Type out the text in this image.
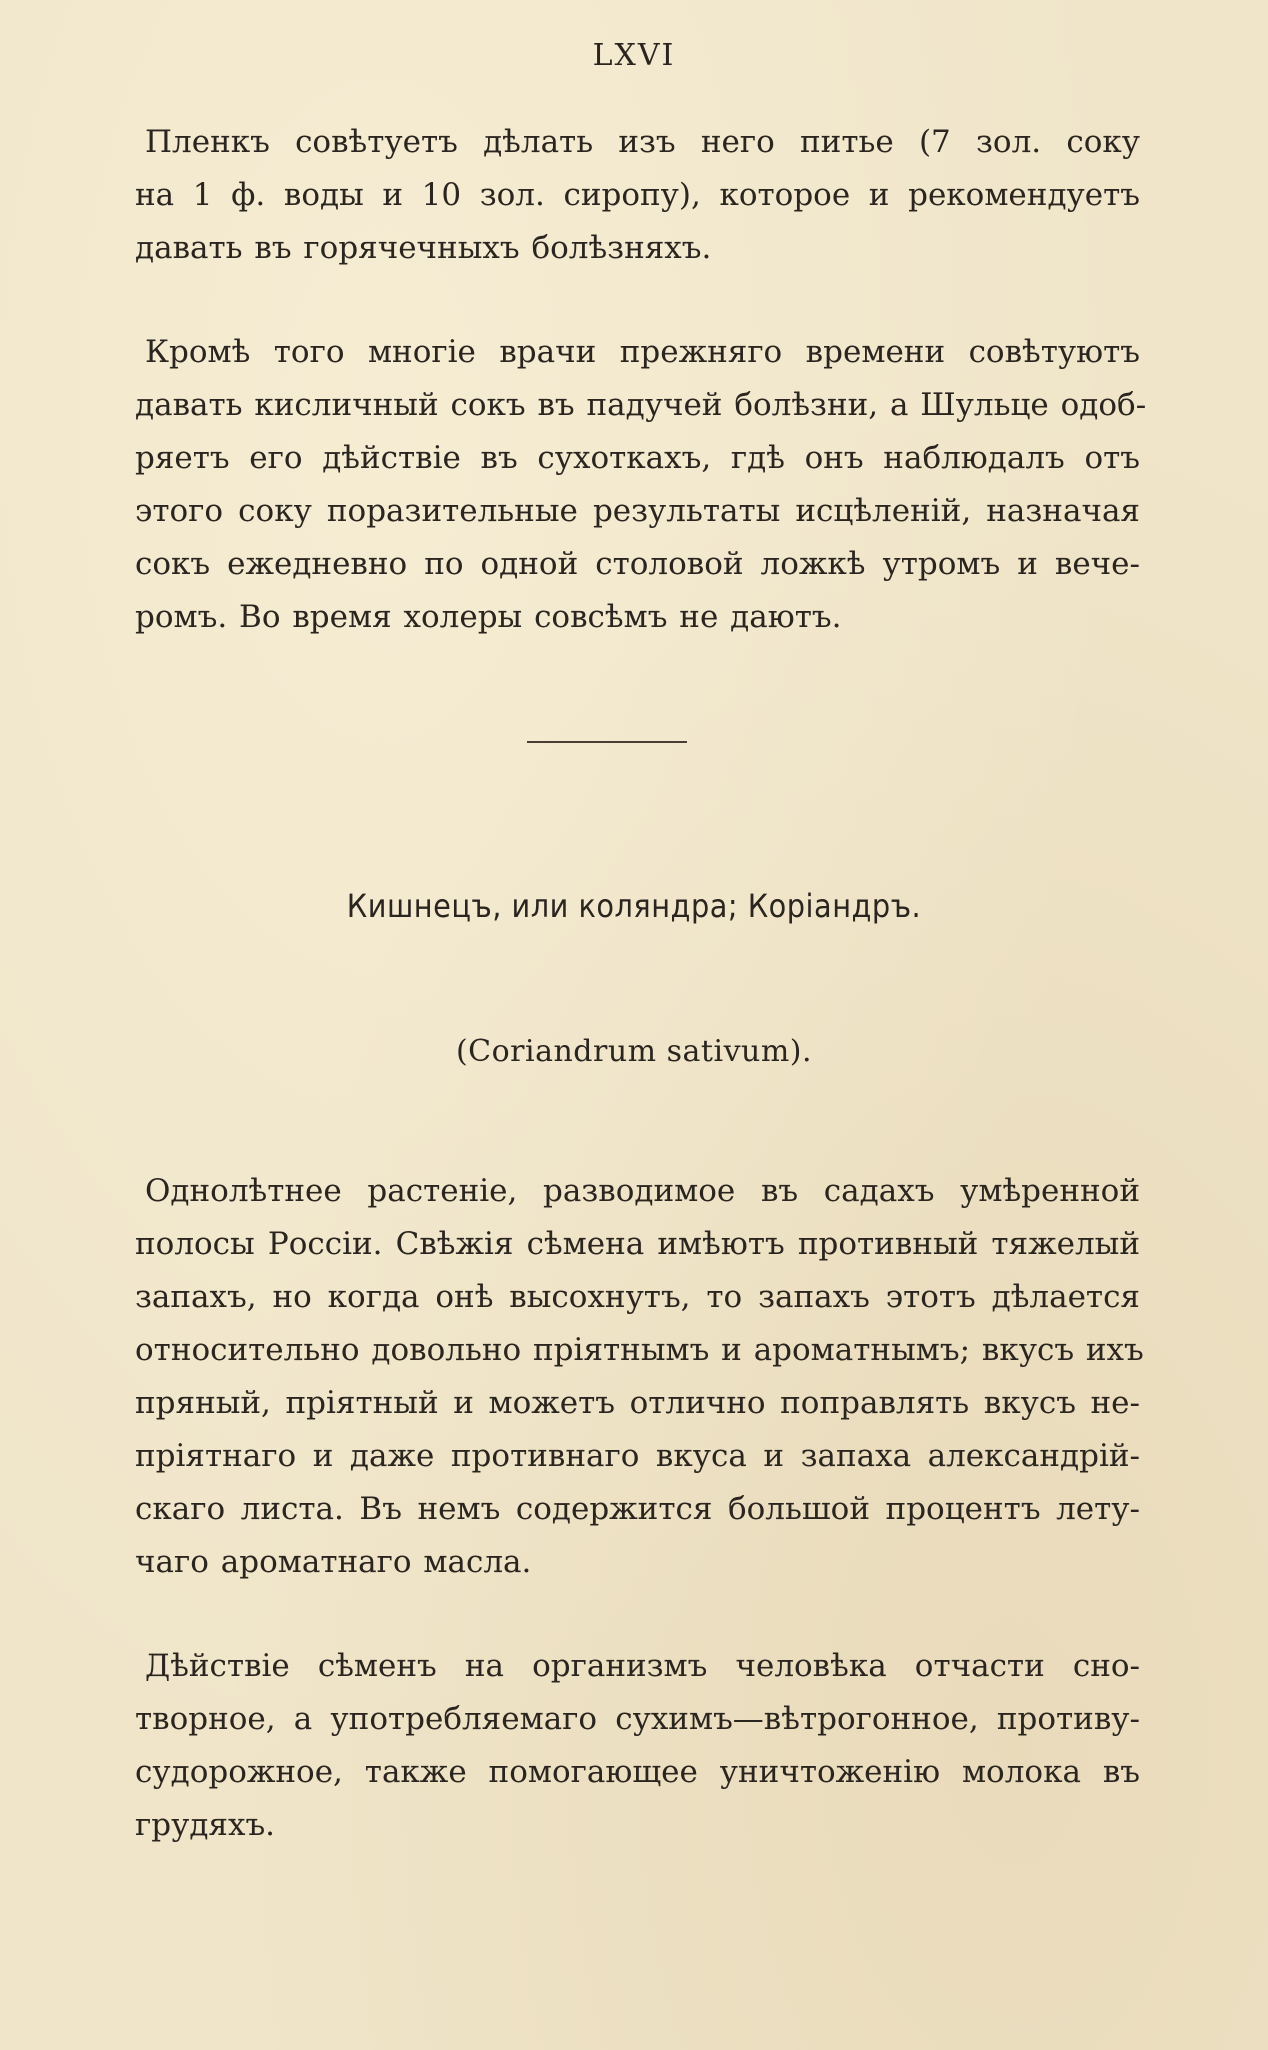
LXVI
Пленкъ совѣтуетъ дѣлать изъ него питье (7 зол. соку
на 1 ф. воды и 10 зол. сиропу), которое и рекомендуетъ
давать въ горячечныхъ болѣзняхъ.
Кромѣ того многіе врачи прежняго времени совѣтуютъ
давать кисличный сокъ въ падучей болѣзни, а Шульце одоб-
ряетъ его дѣйствіе въ сухоткахъ, гдѣ онъ наблюдалъ отъ
этого соку поразительные результаты исцѣленій, назначая
сокъ ежедневно по одной столовой ложкѣ утромъ и вече-
ромъ. Во время холеры совсѣмъ не даютъ.
Кишнецъ, или коляндра; Коріандръ.
(Coriandrum sativum).
Однолѣтнее растеніе, разводимое въ садахъ умѣренной
полосы Россіи. Свѣжія сѣмена имѣютъ противный тяжелый
запахъ, но когда онѣ высохнутъ, то запахъ этотъ дѣлается
относительно довольно пріятнымъ и ароматнымъ; вкусъ ихъ
пряный, пріятный и можетъ отлично поправлять вкусъ не-
пріятнаго и даже противнаго вкуса и запаха александрій-
скаго листа. Въ немъ содержится большой процентъ лету-
чаго ароматнаго масла.
Дѣйствіе сѣменъ на организмъ человѣка отчасти сно-
творное, а употребляемаго сухимъ—вѣтрогонное, противу-
судорожное, также помогающее уничтоженію молока въ
грудяхъ.
